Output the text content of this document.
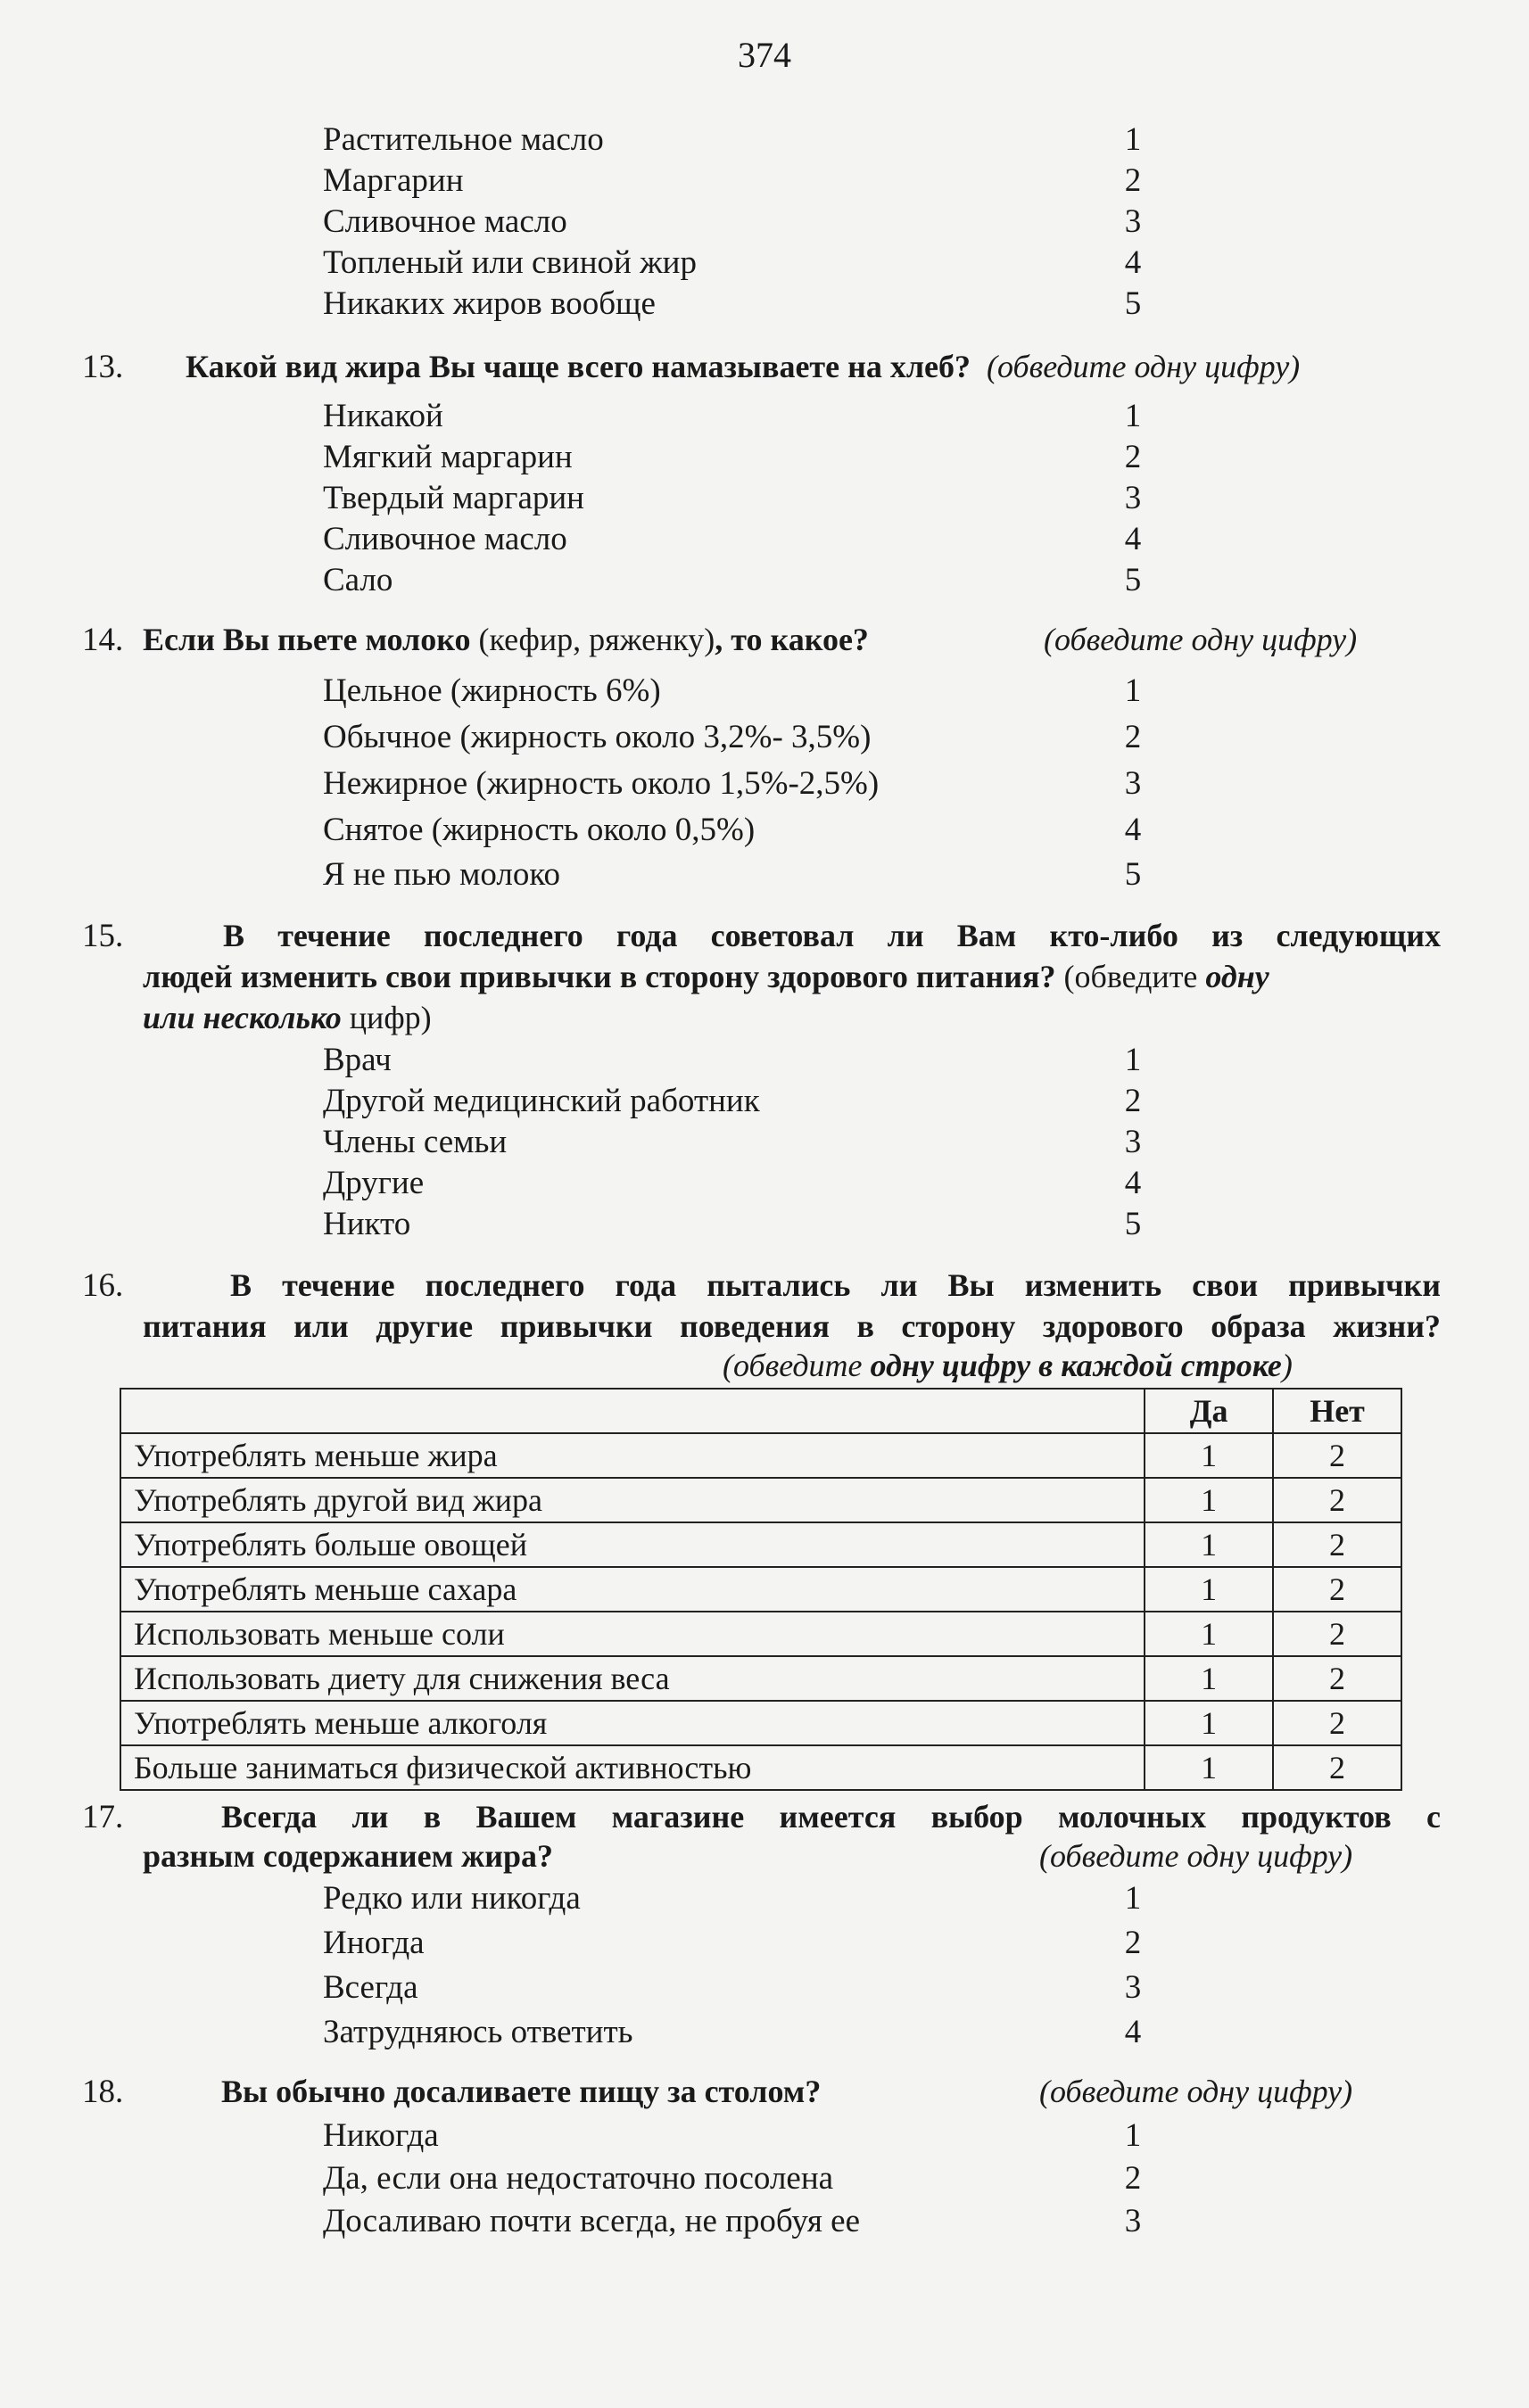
374
Растительное масло	1
Маргарин	2
Сливочное масло	3
Топленый или свиной жир	4
Никаких жиров вообще	5
13. Какой вид жира Вы чаще всего намазываете на хлеб? (обведите одну цифру)
Никакой	1
Мягкий маргарин	2
Твердый маргарин	3
Сливочное масло	4
Сало	5
14. Если Вы пьете молоко (кефир, ряженку), то какое?	(обведите одну цифру)
Цельное (жирность 6%)	1
Обычное (жирность около 3,2%- 3,5%)	2
Нежирное (жирность около 1,5%-2,5%)	3
Снятое (жирность около 0,5%)	4
Я не пью молоко	5
15.	В течение последнего года советовал ли Вам кто-либо из следующих
людей изменить свои привычки в сторону здорового питания? (обведите одну
или несколько цифр)
Врач	1
Другой медицинский работник	2
Члены семьи	3
Другие	4
Никто	5
16.	В течение последнего года пытались ли Вы изменить свои привычки
питания или другие привычки поведения в сторону здорового образа жизни?
(обведите одну цифру в каждой строке)
	Да	Нет
Употреблять меньше жира	1	2
Употреблять другой вид жира	1	2
Употреблять больше овощей	1	2
Употреблять меньше сахара	1	2
Использовать меньше соли	1	2
Использовать диету для снижения веса	1	2
Употреблять меньше алкоголя	1	2
Больше заниматься физической активностью	1	2
17.	Всегда ли в Вашем магазине имеется выбор молочных продуктов с
разным содержанием жира?	(обведите одну цифру)
Редко или никогда	1
Иногда	2
Всегда	3
Затрудняюсь ответить	4
18.	Вы обычно досаливаете пищу за столом?	(обведите одну цифру)
Никогда	1
Да, если она недостаточно посолена	2
Досаливаю почти всегда, не пробуя ее	3
